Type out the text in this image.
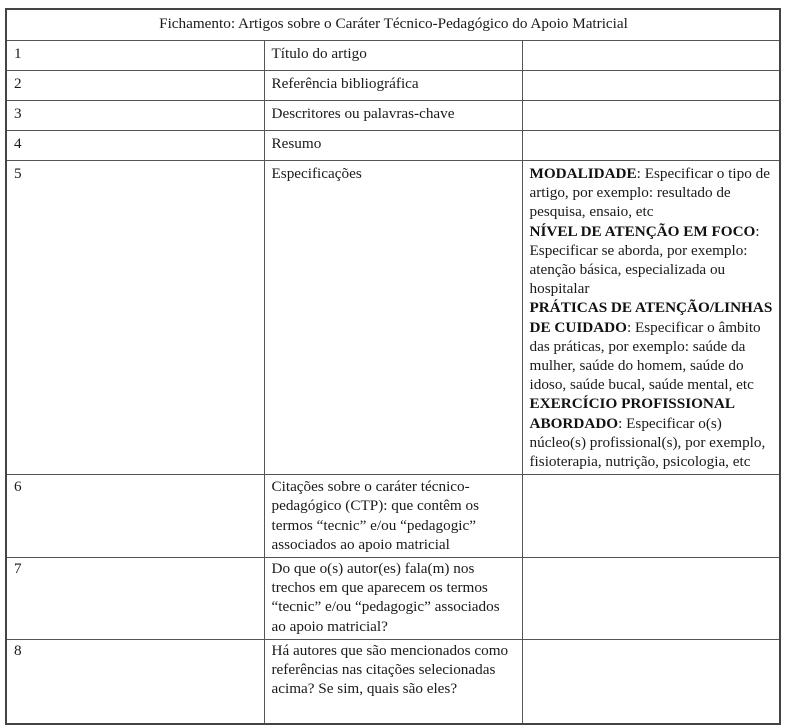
Fichamento: Artigos sobre o Caráter Técnico-Pedagógico do Apoio Matricial		
1	Título do artigo	
2	Referência bibliográfica	
3	Descritores ou palavras-chave	
4	Resumo	
5	Especificações	MODALIDADE: Especificar o tipo de artigo, por exemplo: resultado de pesquisa, ensaio, etc
NÍVEL DE ATENÇÃO EM FOCO: Especificar se aborda, por exemplo: atenção básica, especializada ou hospitalar
PRÁTICAS DE ATENÇÃO/LINHAS DE CUIDADO: Especificar o âmbito das práticas, por exemplo: saúde da mulher, saúde do homem, saúde do idoso, saúde bucal, saúde mental, etc
EXERCÍCIO PROFISSIONAL ABORDADO: Especificar o(s) núcleo(s) profissional(s), por exemplo, fisioterapia, nutrição, psicologia, etc

6	Citações sobre o caráter técnico-pedagógico (CTP): que contêm os termos “tecnic” e/ou “pedagogic” associados ao apoio matricial	
7	Do que o(s) autor(es) fala(m) nos trechos em que aparecem os termos “tecnic” e/ou “pedagogic” associados ao apoio matricial?	
8	Há autores que são mencionados como referências nas citações selecionadas acima? Se sim, quais são eles?	
